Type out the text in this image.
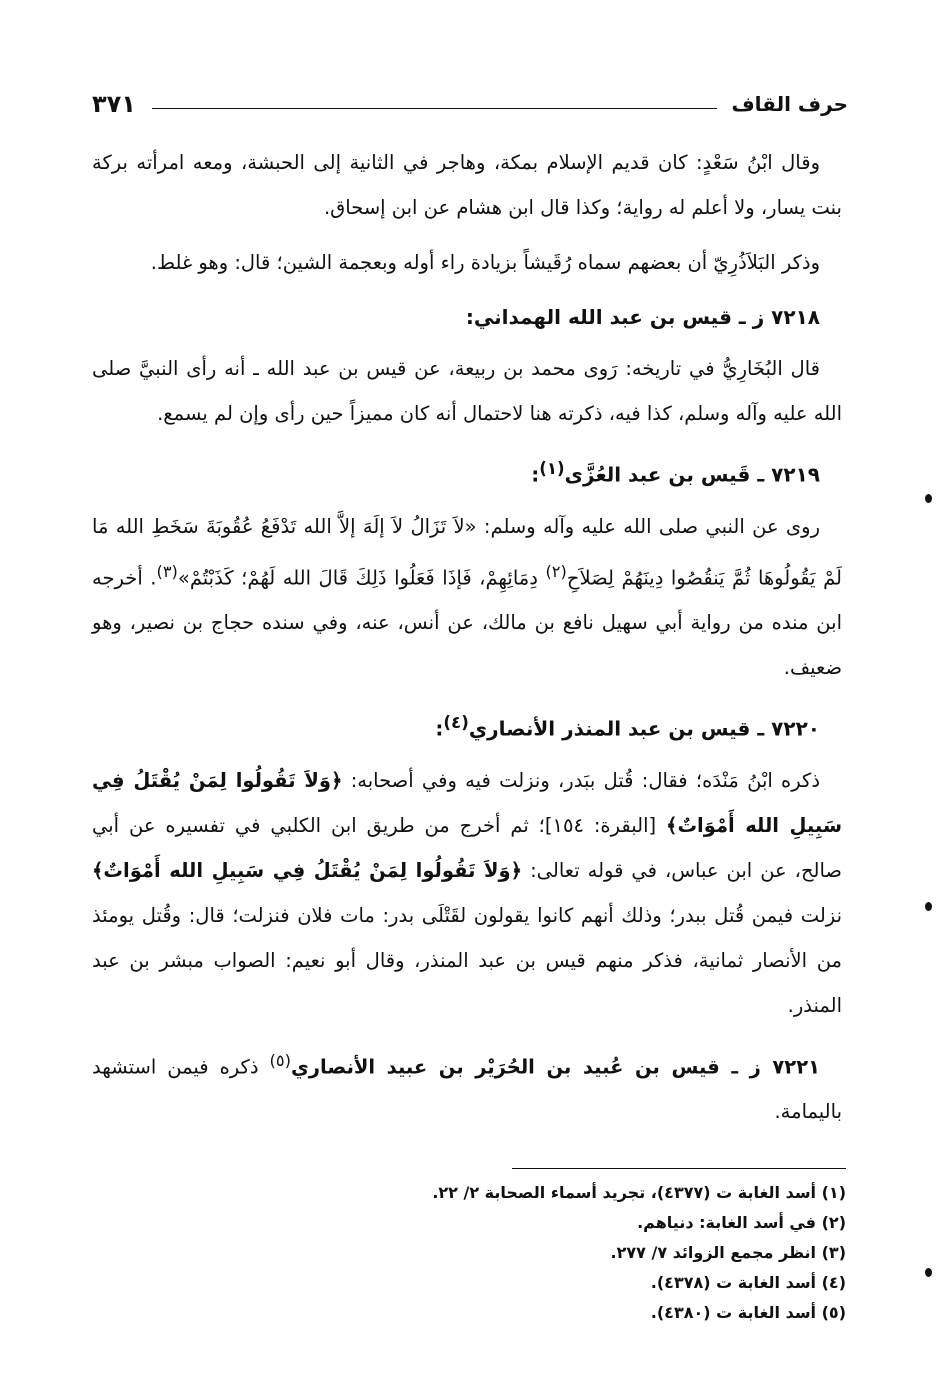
حرف القاف
٣٧١

وقال ابْنُ سَعْدٍ: كان قديم الإسلام بمكة، وهاجر في الثانية إلى الحبشة، ومعه امرأته بركة بنت يسار، ولا أعلم له رواية؛ وكذا قال ابن هشام عن ابن إسحاق.

وذكر البَلاَذُرِيّ أن بعضهم سماه رُقَيشاً بزيادة راء أوله وبعجمة الشين؛ قال: وهو غلط.

٧٢١٨ ز ـ قيس بن عبد الله الهمداني:

قال البُخَارِيُّ في تاريخه: رَوى محمد بن ربيعة، عن قيس بن عبد الله ـ أنه رأى النبيَّ صلى الله عليه وآله وسلم، كذا فيه، ذكرته هنا لاحتمال أنه كان مميزاً حين رأى وإن لم يسمع.

٧٢١٩ ـ قَيس بن عبد العُزَّى$^{(١)}$:

روى عن النبي صلى الله عليه وآله وسلم: «لاَ تَزَالُ لاَ إلَهَ إلاَّ الله تَدْفَعُ عُقُوبَةَ سَخَطِ الله مَا لَمْ يَقُولُوهَا ثُمَّ يَنقُصُوا دِينَهُمْ لِصَلاَحِ$^{(٢)}$ دِمَائِهِمْ، فَإذَا فَعَلُوا ذَلِكَ قَالَ الله لَهُمْ؛ كَذَبْتُمْ»$^{(٣)}$. أخرجه ابن منده من رواية أبي سهيل نافع بن مالك، عن أنس، عنه، وفي سنده حجاج بن نصير، وهو ضعيف.

٧٢٢٠ ـ قيس بن عبد المنذر الأنصاري$^{(٤)}$:

ذكره ابْنُ مَنْدَه؛ فقال: قُتل ببَدر، ونزلت فيه وفي أصحابه: ﴿وَلاَ تَقُولُوا لِمَنْ يُقْتَلُ فِي سَبِيلِ الله أَمْوَاتٌ﴾ [البقرة: ١٥٤]؛ ثم أخرج من طريق ابن الكلبي في تفسيره عن أبي صالح، عن ابن عباس، في قوله تعالى: ﴿وَلاَ تَقُولُوا لِمَنْ يُقْتَلُ فِي سَبِيلِ الله أَمْوَاتٌ﴾ نزلت فيمن قُتل ببدر؛ وذلك أنهم كانوا يقولون لقَتْلَى بدر: مات فلان فنزلت؛ قال: وقُتل يومئذ من الأنصار ثمانية، فذكر منهم قيس بن عبد المنذر، وقال أبو نعيم: الصواب مبشر بن عبد المنذر.

٧٢٢١ ز ـ قيس بن عُبيد بن الحُرَيْر بن عبيد الأنصاري$^{(٥)}$ ذكره فيمن استشهد باليمامة.

(١) أسد الغابة ت (٤٣٧٧)، تجريد أسماء الصحابة ٢/ ٢٢.
(٢) في أسد الغابة: دنياهم.
(٣) انظر مجمع الزوائد ٧/ ٢٧٧.
(٤) أسد الغابة ت (٤٣٧٨).
(٥) أسد الغابة ت (٤٣٨٠).
